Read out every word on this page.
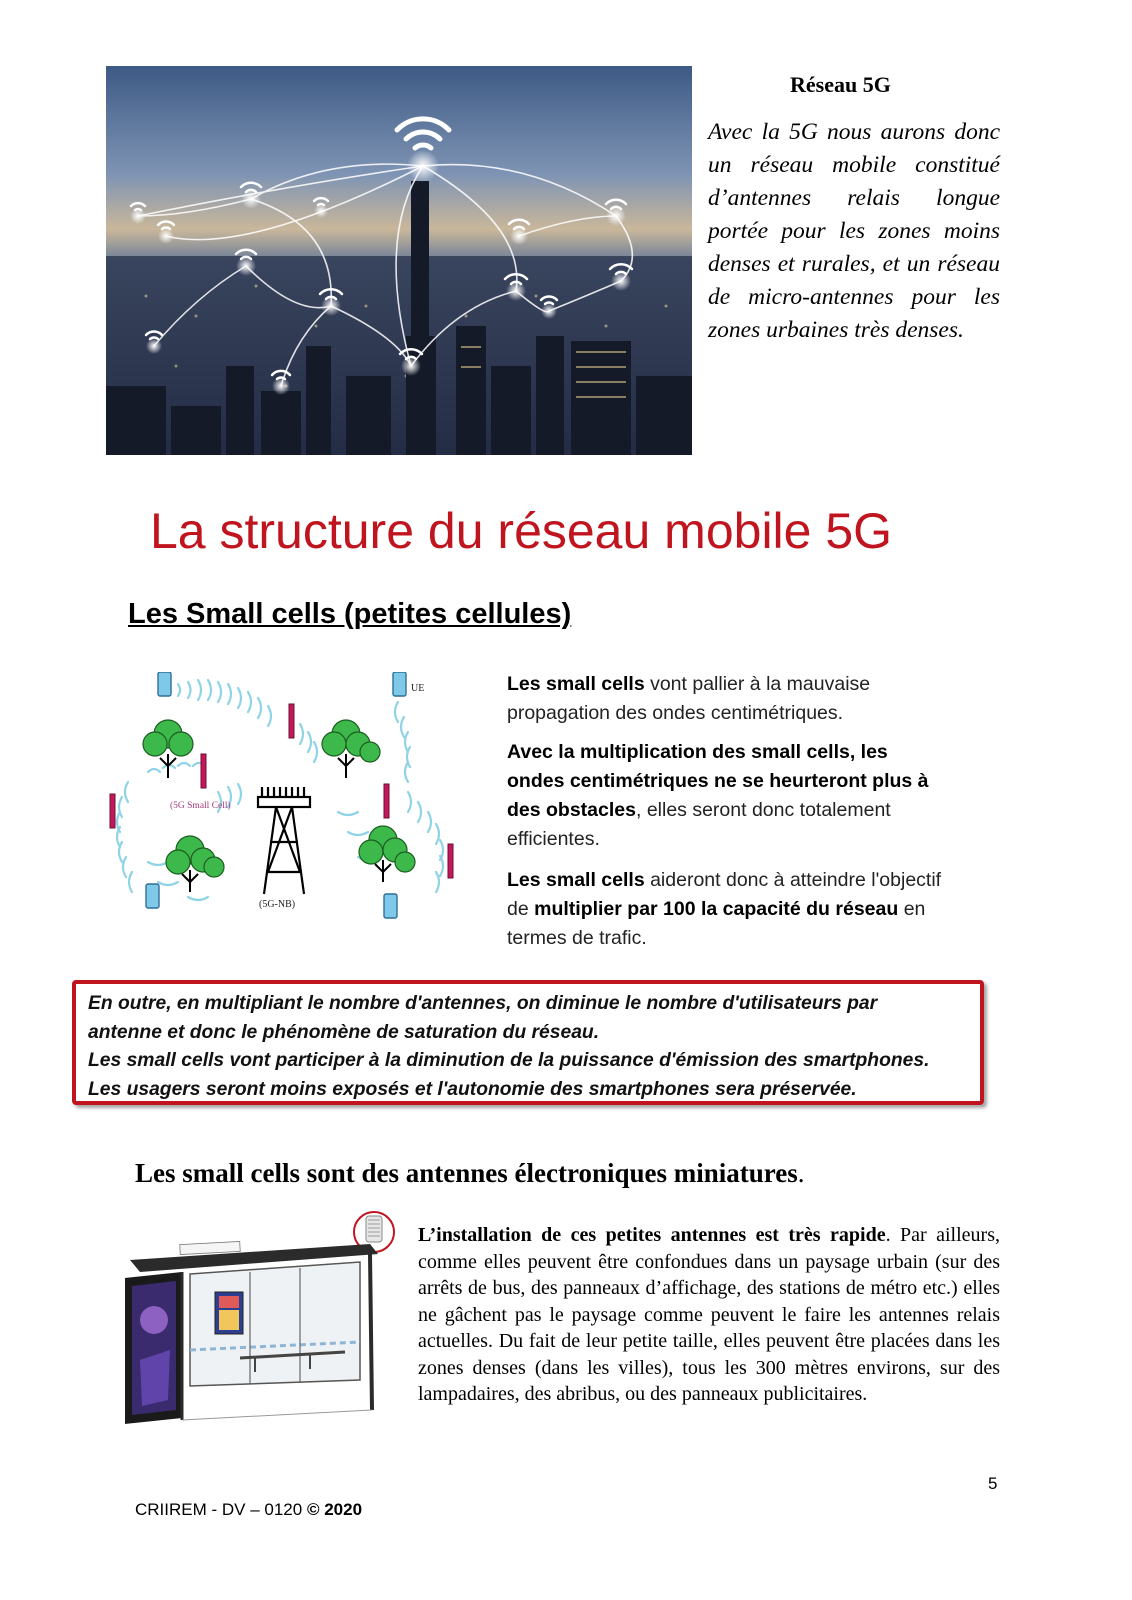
Réseau 5G
Avec la 5G nous aurons donc un réseau mobile constitué d’antennes relais longue portée pour les zones moins denses et rurales, et un réseau de micro-antennes pour les zones urbaines très denses.
La structure du réseau mobile 5G
Les Small cells (petites cellules)
(5G Small Cell)
(5G-NB)
UE	Les small cells vont pallier à la mauvaise propagation des ondes centimétriques.
Avec la multiplication des small cells, les ondes centimétriques ne se heurteront plus à des obstacles, elles seront donc totalement efficientes.
Les small cells aideront donc à atteindre l'objectif de multiplier par 100 la capacité du réseau en termes de trafic.

En outre, en multipliant le nombre d'antennes, on diminue le nombre d'utilisateurs par

antenne et donc le phénomène de saturation du réseau.

Les small cells vont participer à la diminution de la puissance d'émission des smartphones.

Les usagers seront moins exposés et l'autonomie des smartphones sera préservée.

Les small cells sont des antennes électroniques miniatures.
L’installation de ces petites antennes est très rapide. Par ailleurs, comme elles peuvent être confondues dans un paysage urbain (sur des arrêts de bus, des panneaux d’affichage, des stations de métro etc.) elles ne gâchent pas le paysage comme peuvent le faire les antennes relais actuelles. Du fait de leur petite taille, elles peuvent être placées dans les zones denses (dans les villes), tous les 300 mètres environs, sur des lampadaires, des abribus, ou des panneaux publicitaires.
5
CRIIREM - DV – 0120 © 2020
